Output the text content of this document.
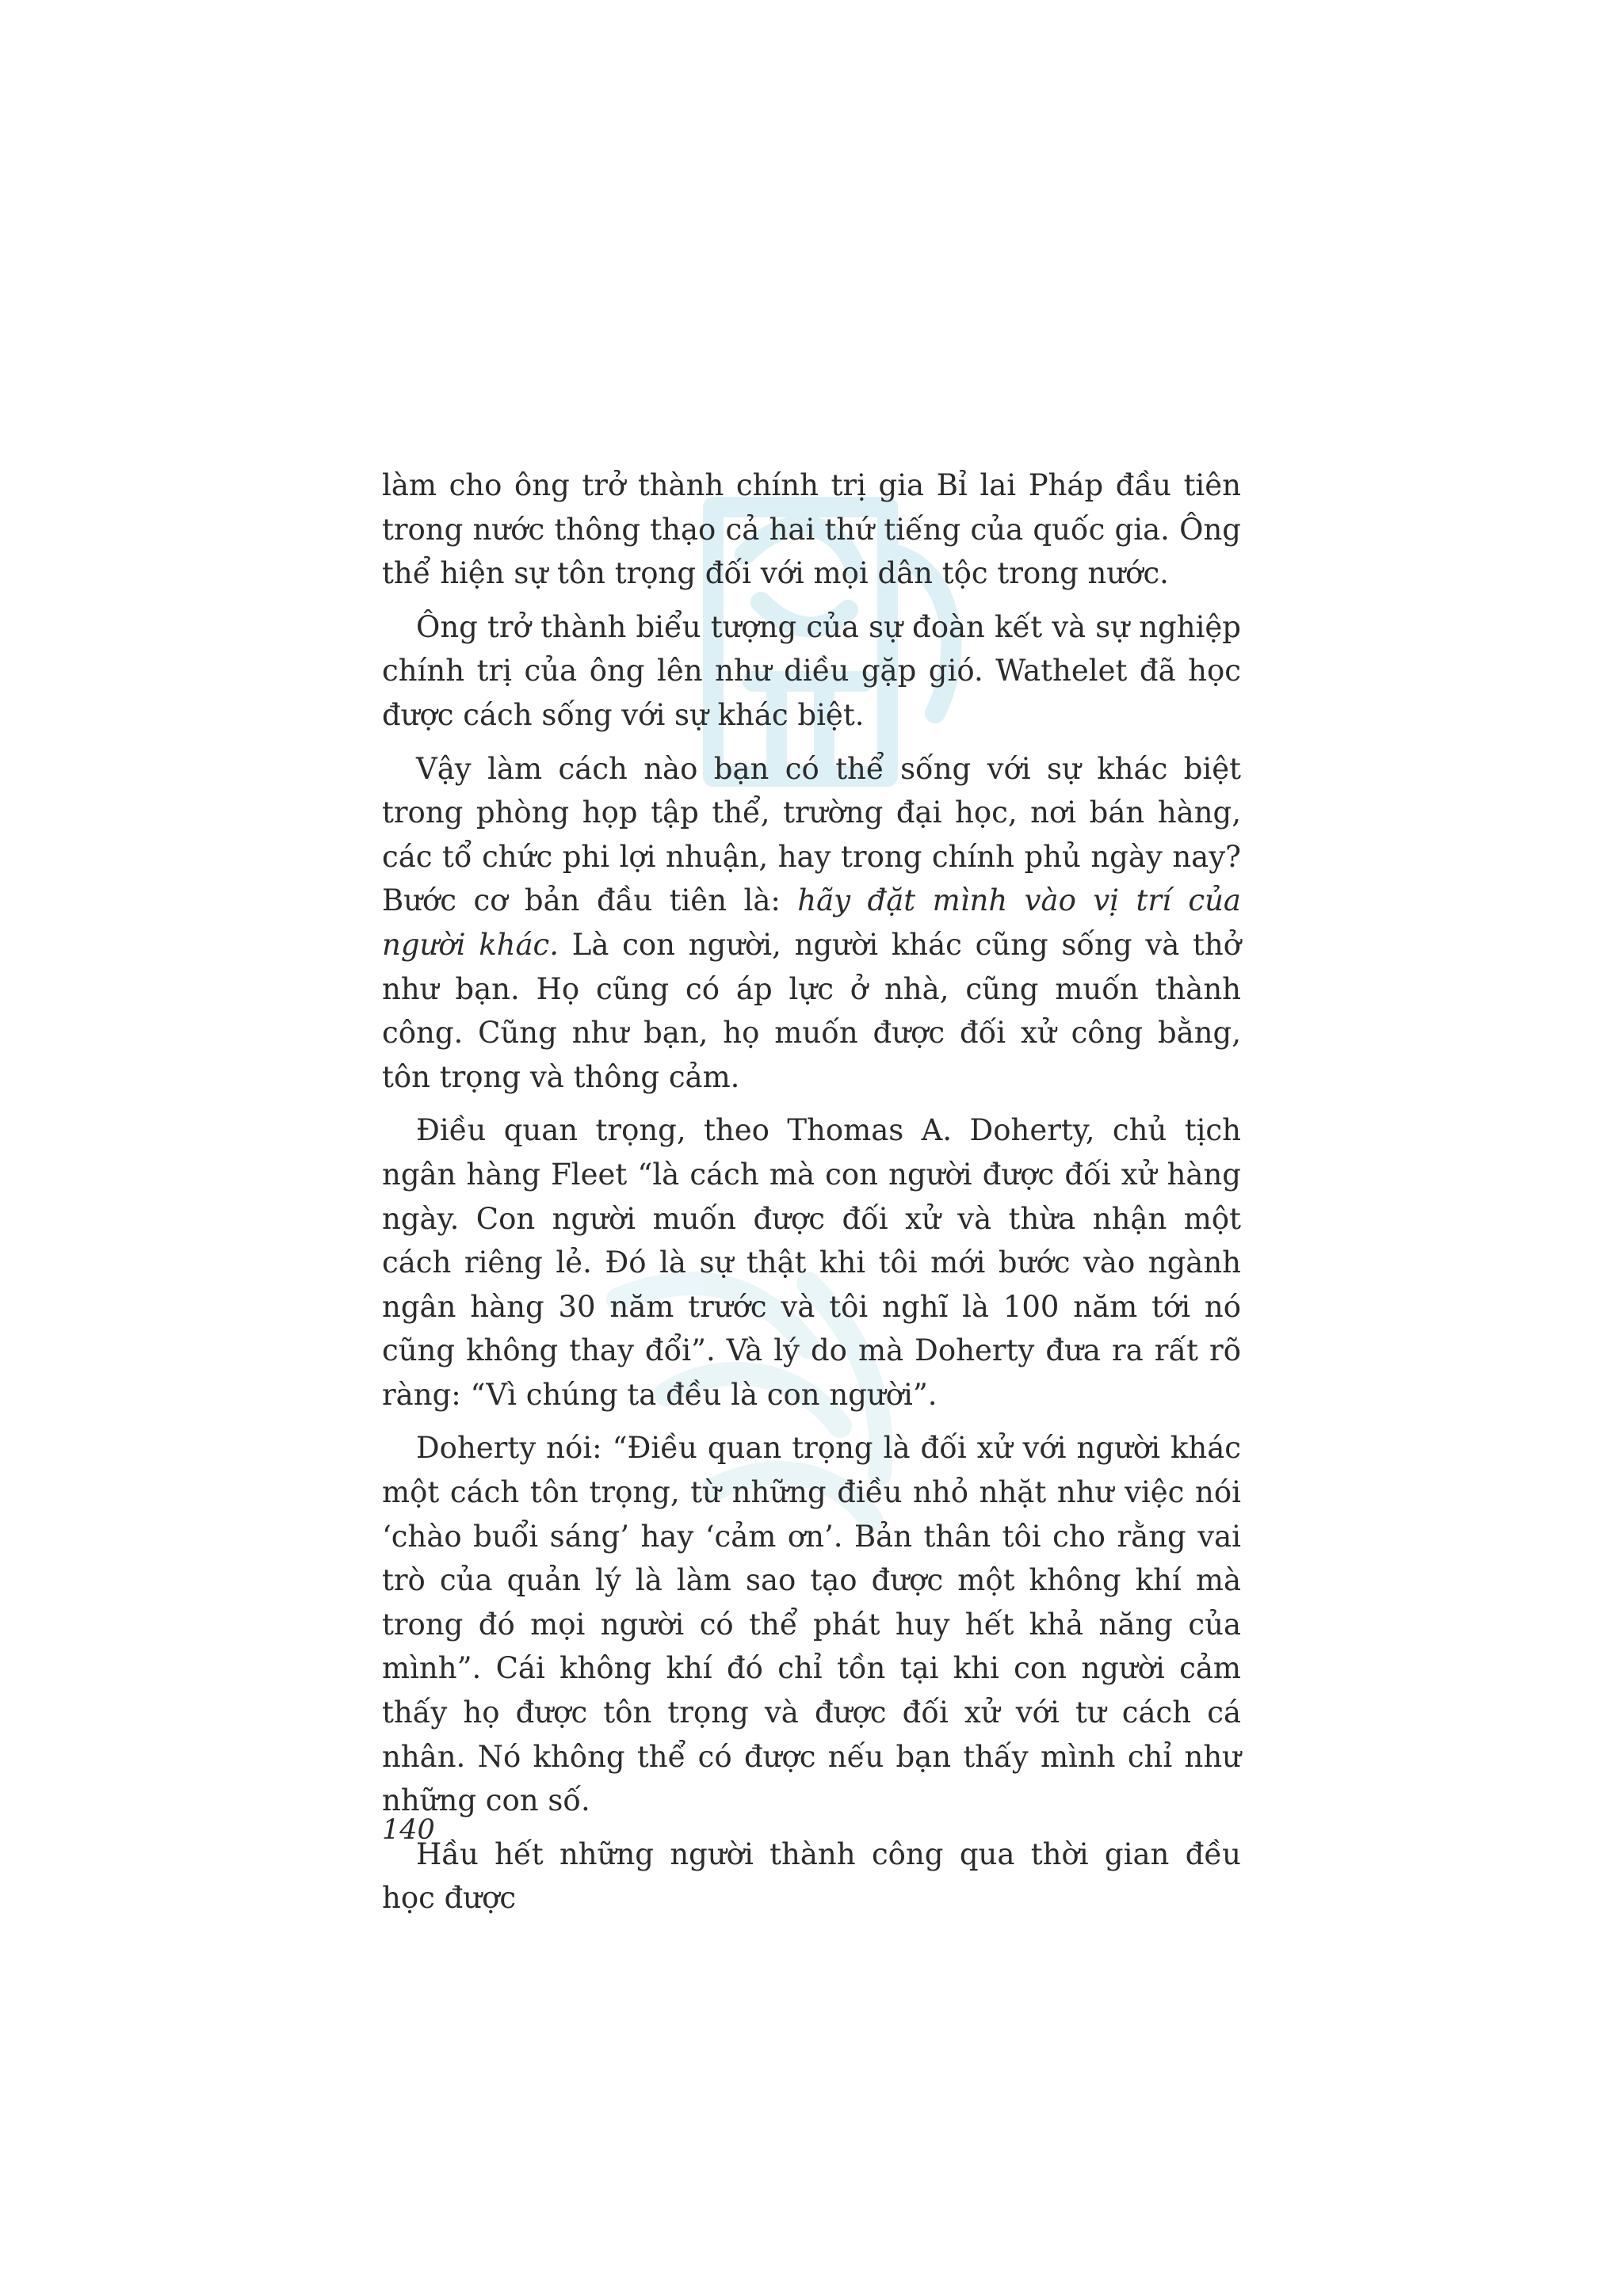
làm cho ông trở thành chính trị gia Bỉ lai Pháp đầu tiên trong nước thông thạo cả hai thứ tiếng của quốc gia. Ông thể hiện sự tôn trọng đối với mọi dân tộc trong nước.

Ông trở thành biểu tượng của sự đoàn kết và sự nghiệp chính trị của ông lên như diều gặp gió. Wathelet đã học được cách sống với sự khác biệt.

Vậy làm cách nào bạn có thể sống với sự khác biệt trong phòng họp tập thể, trường đại học, nơi bán hàng, các tổ chức phi lợi nhuận, hay trong chính phủ ngày nay? Bước cơ bản đầu tiên là: hãy đặt mình vào vị trí của người khác. Là con người, người khác cũng sống và thở như bạn. Họ cũng có áp lực ở nhà, cũng muốn thành công. Cũng như bạn, họ muốn được đối xử công bằng, tôn trọng và thông cảm.

Điều quan trọng, theo Thomas A. Doherty, chủ tịch ngân hàng Fleet “là cách mà con người được đối xử hàng ngày. Con người muốn được đối xử và thừa nhận một cách riêng lẻ. Đó là sự thật khi tôi mới bước vào ngành ngân hàng 30 năm trước và tôi nghĩ là 100 năm tới nó cũng không thay đổi”. Và lý do mà Doherty đưa ra rất rõ ràng: “Vì chúng ta đều là con người”.

Doherty nói: “Điều quan trọng là đối xử với người khác một cách tôn trọng, từ những điều nhỏ nhặt như việc nói ‘chào buổi sáng’ hay ‘cảm ơn’. Bản thân tôi cho rằng vai trò của quản lý là làm sao tạo được một không khí mà trong đó mọi người có thể phát huy hết khả năng của mình”. Cái không khí đó chỉ tồn tại khi con người cảm thấy họ được tôn trọng và được đối xử với tư cách cá nhân. Nó không thể có được nếu bạn thấy mình chỉ như những con số.

Hầu hết những người thành công qua thời gian đều học được

140
